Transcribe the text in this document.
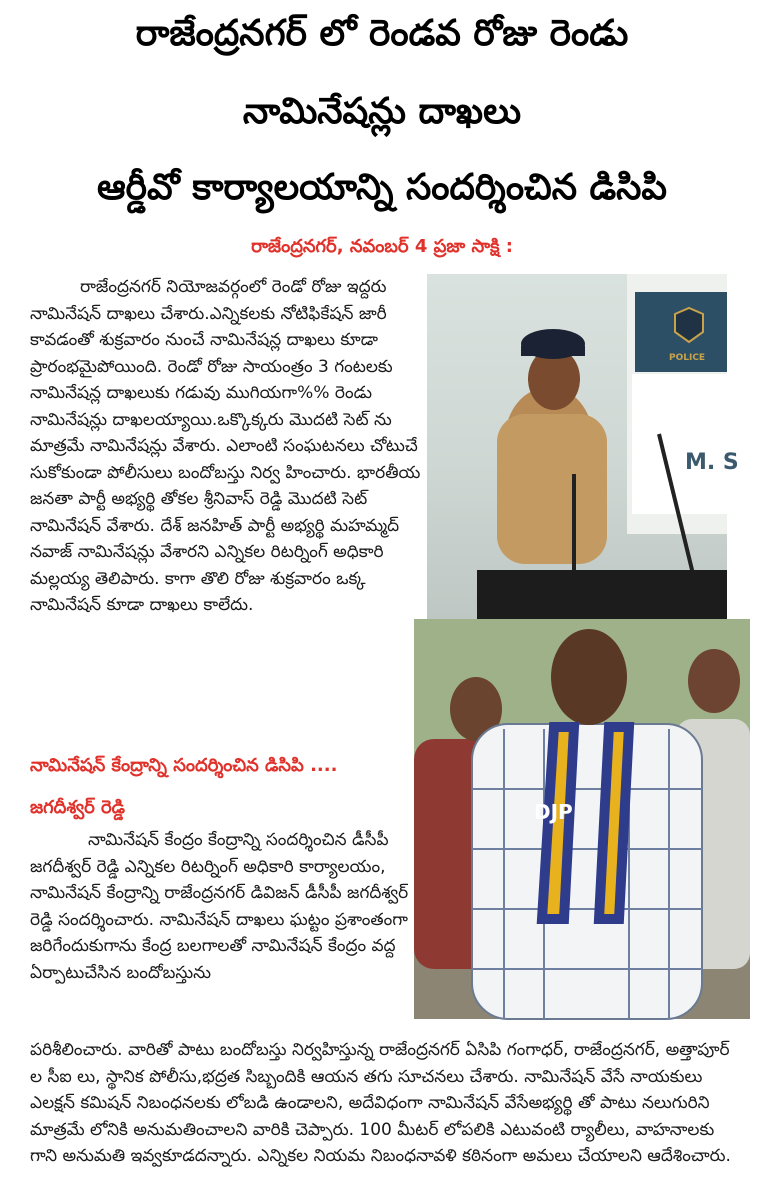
రాజేంద్రనగర్ లో రెండవ రోజు రెండు
నామినేషన్లు దాఖలు
ఆర్డీవో కార్యాలయాన్ని సందర్శించిన డిసిపి
రాజేంద్రనగర్, నవంబర్ 4 ప్రజా సాక్షి :
రాజేంద్రనగర్ నియోజవర్గంలో రెండో రోజు ఇద్దరు నామినేషన్ దాఖలు చేశారు.ఎన్నికలకు నోటిఫికేషన్ జారీ కావడంతో శుక్రవారం నుంచే నామినేషన్ల దాఖలు కూడా ప్రారంభమైపోయింది. రెండో రోజు సాయంత్రం 3 గంటలకు నామినేషన్ల దాఖలుకు గడువు ముగియగా%% రెండు నామినేషన్లు దాఖలయ్యాయి.ఒక్కొక్కరు మొదటి సెట్ ను మాత్రమే నామినేషన్లు వేశారు. ఎలాంటి సంఘటనలు చోటుచే సుకోకుండా పోలీసులు బందోబస్తు నిర్వ హించారు. భారతీయ జనతా పార్టీ అభ్యర్థి తోకల శ్రీనివాస్ రెడ్డి మొదటి సెట్ నామినేషన్ వేశారు. దేశ్ జనహిత్ పార్టీ అభ్యర్థి మహమ్మద్ నవాజ్ నామినేషన్లు వేశారని ఎన్నికల రిటర్నింగ్ అధికారి మల్లయ్య తెలిపారు. కాగా తొలి రోజు శుక్రవారం ఒక్క నామినేషన్ కూడా దాఖలు కాలేదు.
నామినేషన్ కేంద్రాన్ని సందర్శించిన డిసిపి ....
జగదీశ్వర్ రెడ్డి
నామినేషన్ కేంద్రం కేంద్రాన్ని సందర్శించిన డీసీపీ జగదీశ్వర్ రెడ్డి ఎన్నికల రిటర్నింగ్ అధికారి కార్యాలయం, నామినేషన్ కేంద్రాన్ని రాజేంద్రనగర్ డివిజన్ డీసీపీ జగదీశ్వర్ రెడ్డి సందర్శించారు. నామినేషన్ దాఖలు ఘట్టం ప్రశాంతంగా జరిగేందుకుగాను కేంద్ర బలగాలతో నామినేషన్ కేంద్రం వద్ద ఏర్పాటుచేసిన బందోబస్తును
పరిశీలించారు. వారితో పాటు బందోబస్తు నిర్వహిస్తున్న రాజేంద్రనగర్ ఏసిపి గంగాధర్, రాజేంద్రనగర్, అత్తాపూర్ ల సీఐ లు, స్థానిక పోలీసు,భద్రత సిబ్బందికి ఆయన తగు సూచనలు చేశారు. నామినేషన్ వేసే నాయకులు ఎలక్షన్ కమిషన్ నిబంధనలకు లోబడి ఉండాలని, అదేవిధంగా నామినేషన్ వేసేఅభ్యర్థి తో పాటు నలుగురిని మాత్రమే లోనికి అనుమతించాలని వారికి చెప్పారు. 100 మీటర్ లోపలికి ఎటువంటి ర్యాలీలు, వాహనాలకు గాని అనుమతి ఇవ్వకూడదన్నారు. ఎన్నికల నియమ నిబంధనావళి కఠినంగా అమలు చేయాలని ఆదేశించారు.
M. S
POLICE
DJP
